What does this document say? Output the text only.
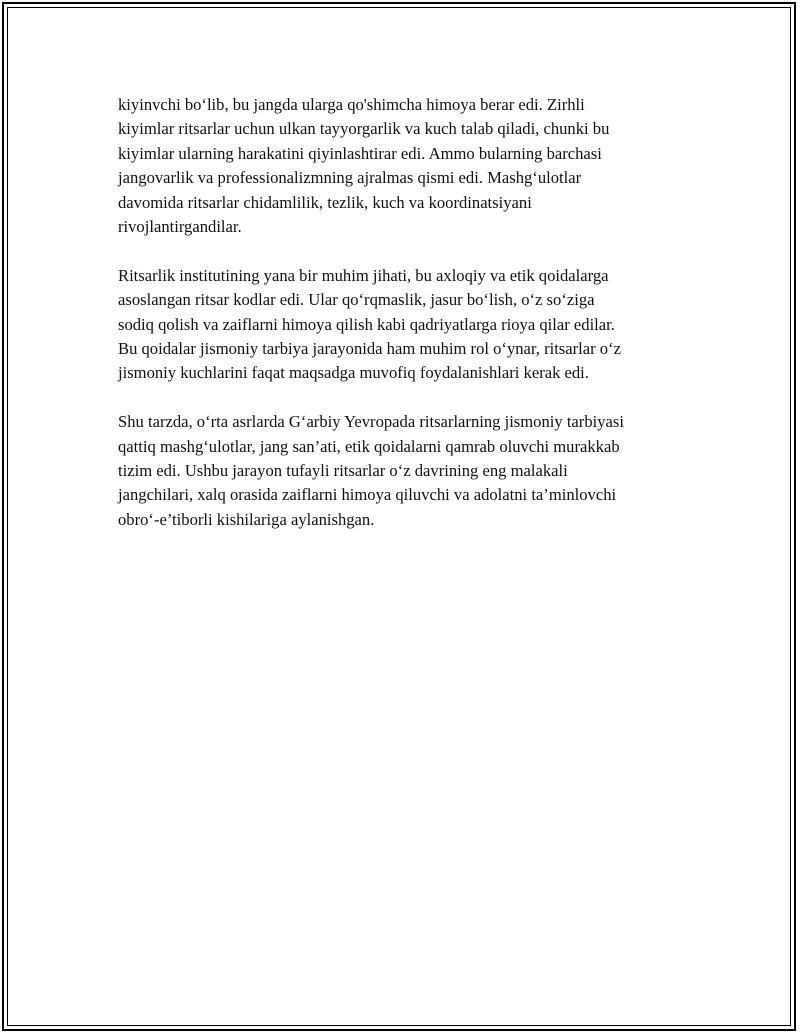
kiyinvchi bo‘lib, bu jangda ularga qo'shimcha himoya berar edi. Zirhli
kiyimlar ritsarlar uchun ulkan tayyorgarlik va kuch talab qiladi, chunki bu
kiyimlar ularning harakatini qiyinlashtirar edi. Ammo bularning barchasi
jangovarlik va professionalizmning ajralmas qismi edi. Mashg‘ulotlar
davomida ritsarlar chidamlilik, tezlik, kuch va koordinatsiyani
rivojlantirgandilar.

Ritsarlik institutining yana bir muhim jihati, bu axloqiy va etik qoidalarga
asoslangan ritsar kodlar edi. Ular qo‘rqmaslik, jasur bo‘lish, o‘z so‘ziga
sodiq qolish va zaiflarni himoya qilish kabi qadriyatlarga rioya qilar edilar.
Bu qoidalar jismoniy tarbiya jarayonida ham muhim rol o‘ynar, ritsarlar o‘z
jismoniy kuchlarini faqat maqsadga muvofiq foydalanishlari kerak edi.

Shu tarzda, o‘rta asrlarda G‘arbiy Yevropada ritsarlarning jismoniy tarbiyasi
qattiq mashg‘ulotlar, jang san’ati, etik qoidalarni qamrab oluvchi murakkab
tizim edi. Ushbu jarayon tufayli ritsarlar o‘z davrining eng malakali
jangchilari, xalq orasida zaiflarni himoya qiluvchi va adolatni ta’minlovchi
obro‘-e’tiborli kishilariga aylanishgan.
